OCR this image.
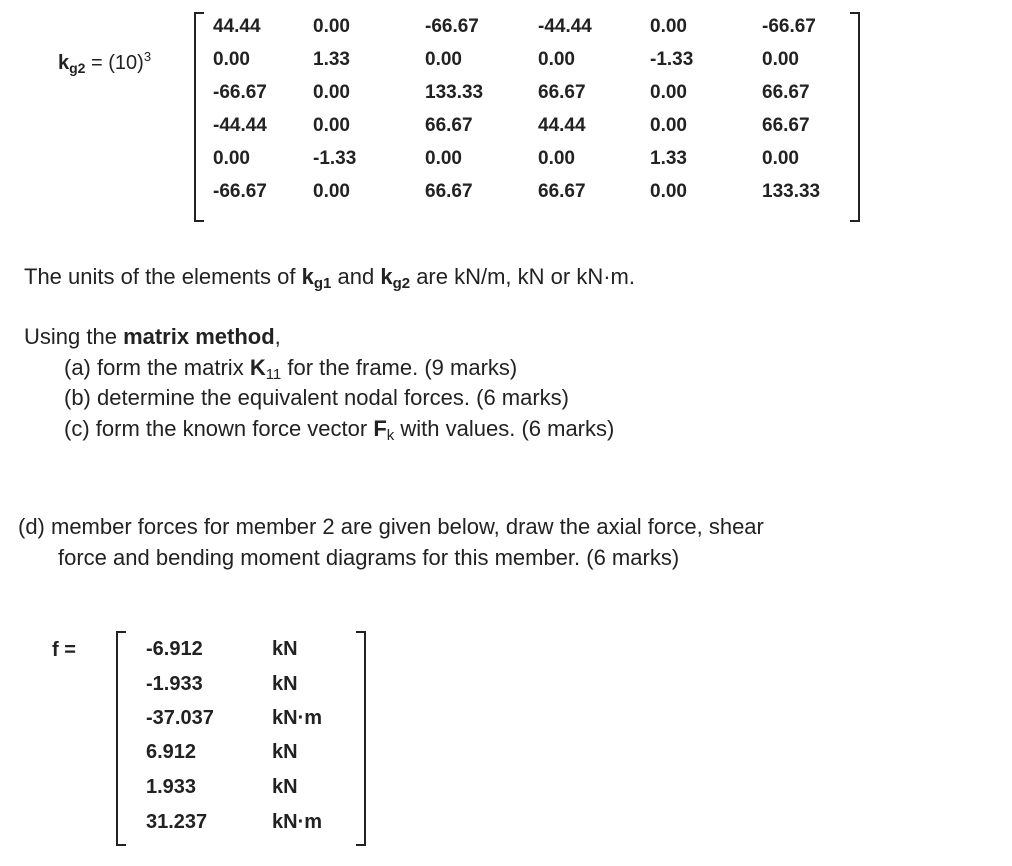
$k_{g2} = (10)^3$
44.44	0.00	-66.67	-44.44	0.00	-66.67
0.00	1.33	0.00	0.00	-1.33	0.00
-66.67 0.00	133.33	66.67	0.00	66.67
-44.44 0.00	66.67	44.44	0.00	66.67
0.00	-1.33	0.00	0.00	1.33	0.00
-66.67 0.00	66.67	66.67	0.00	133.33
The units of the elements of $k_{g1}$ and $k_{g2}$ are kN/m, kN or kN·m.
Using the matrix method,
(a) form the matrix $K_{11}$ for the frame. (9 marks)
(b) determine the equivalent nodal forces. (6 marks)
(c) form the known force vector $F_k$ with values. (6 marks)
(d) member forces for member 2 are given below, draw the axial force, shear
force and bending moment diagrams for this member. (6 marks)
f =	-6.912	kN
-1.933	kN
-37.037	kN·m
6.912	kN
1.933	kN
31.237	kN·m
